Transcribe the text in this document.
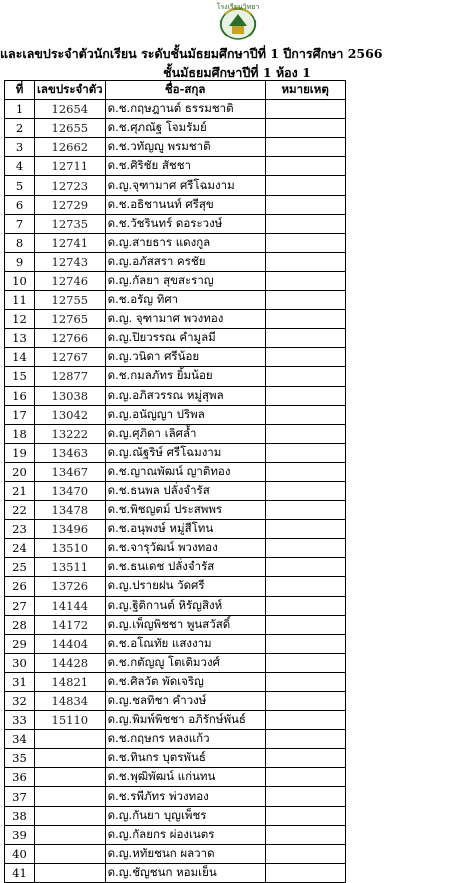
โรงเรียนวิทยา
และเลขประจำตัวนักเรียน ระดับชั้นมัธยมศึกษาปีที่ 1 ปีการศึกษา 2566
ชั้นมัธยมศึกษาปีที่ 1 ห้อง 1
ที่	เลขประจำตัว	ชื่อ-สกุล	หมายเหตุ
1	12654	ด.ช.กฤษฎานต์ ธรรมชาติ	
2	12655	ด.ช.ศุภณัฐ โจมรัมย์	
3	12662	ด.ช.วทัญญู พรมชาติ	
4	12711	ด.ช.ศิริชัย สัชชา	
5	12723	ด.ญ.จุฑามาศ ศรีโฉมงาม	
6	12729	ด.ช.อธิชานนท์ ศรีสุข	
7	12735	ด.ช.วัชรินทร์ ดอระวงษ์	
8	12741	ด.ญ.สายธาร แดงกูล	
9	12743	ด.ญ.อภัสสรา ครชัย	
10	12746	ด.ญ.กัลยา สุขสะราญ	
11	12755	ด.ช.อรัญ ทิศา	
12	12765	ด.ญ. จุฑามาศ พวงทอง	
13	12766	ด.ญ.ปิยวรรณ คำมูลมี	
14	12767	ด.ญ.วนิดา ศรีน้อย	
15	12877	ด.ช.กมลภัทร ยิ้มน้อย	
16	13038	ด.ญ.อภิสวรรณ หมู่สุพล	
17	13042	ด.ญ.อนัญญา ปริพล	
18	13222	ด.ญ.ศุภิดา เลิศล้ำ	
19	13463	ด.ญ.ณัฐริษ์ ศรีโฉมงาม	
20	13467	ด.ช.ญาณพัฒน์ ญาติทอง	
21	13470	ด.ช.ธนพล ปลั่งจำรัส	
22	13478	ด.ช.พิชญตม์ ประสพพร	
23	13496	ด.ช.อนุพงษ์ หมู่สีโทน	
24	13510	ด.ช.จารุวัฒน์ พวงทอง	
25	13511	ด.ช.ธนเดช ปลั่งจำรัส	
26	13726	ด.ญ.ปรายฝน วัดศรี	
27	14144	ด.ญ.ฐิติกานต์ หิรัญสิงห์	
28	14172	ด.ญ.เพ็ญพิชชา พูนสวัสดิ์	
29	14404	ด.ช.อโณทัย แสงงาม	
30	14428	ด.ช.กตัญญู โตเติมวงศ์	
31	14821	ด.ช.ศิลวัต พัดเจริญ	
32	14834	ด.ญ.ชลทิชา คำวงษ์	
33	15110	ด.ญ.พิมพ์พิชชา อภิรักษ์พันธ์	
34		ด.ช.กฤษกร หลงแก้ว	
35		ด.ช.ทินกร บุตรพันธ์	
36		ด.ช.พุฒิพัฒน์ แก่นทน	
37		ด.ช.รพีภัทร พ่วงทอง	
38		ด.ญ.กันยา บุญเพ็ชร	
39		ด.ญ.กัลยกร ผ่องเนตร	
40		ด.ญ.หทัยชนก ผลวาด	
41		ด.ญ.ชัญชนก หอมเย็น	
